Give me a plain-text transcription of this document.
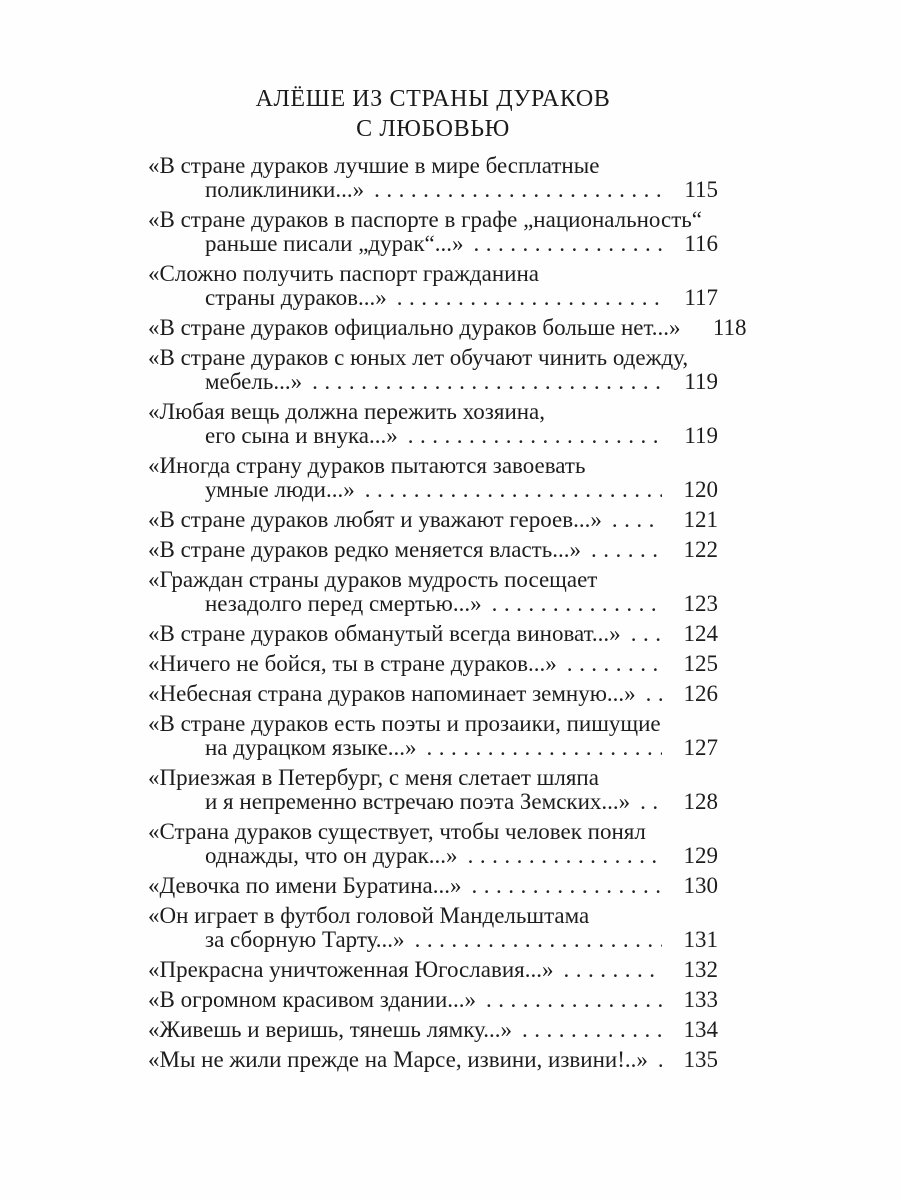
АЛЁШЕ ИЗ СТРАНЫ ДУРАКОВ
С ЛЮБОВЬЮ
«В стране дураков лучшие в мире бесплатные
поликлиники...» .....	115
«В стране дураков в паспорте в графе „национальность“
раньше писали „дурак“...» .....	116
«Сложно получить паспорт гражданина
страны дураков...» .....	117
«В стране дураков официально дураков больше нет...» 118
«В стране дураков с юных лет обучают чинить одежду,
мебель...» .....	119
«Любая вещь должна пережить хозяина,
его сына и внука...» .....	119
«Иногда страну дураков пытаются завоевать
умные люди...» .....	120
«В стране дураков любят и уважают героев...» .....	121
«В стране дураков редко меняется власть...» .....	122
«Граждан страны дураков мудрость посещает
незадолго перед смертью...» .....	123
«В стране дураков обманутый всегда виноват...» .....	124
«Ничего не бойся, ты в стране дураков...» .....	125
«Небесная страна дураков напоминает земную...» ..... 126
«В стране дураков есть поэты и прозаики, пишущие
на дурацком языке...» .....	127
«Приезжая в Петербург, с меня слетает шляпа
и я непременно встречаю поэта Земских...» ..... 128
«Страна дураков существует, чтобы человек понял
однажды, что он дурак...» .....	129
«Девочка по имени Буратина...» .....	130
«Он играет в футбол головой Мандельштама
за сборную Тарту...» .....	131
«Прекрасна уничтоженная Югославия...» .....	132
«В огромном красивом здании...» .....	133
«Живешь и веришь, тянешь лямку...» .....	134
«Мы не жили прежде на Марсе, извини, извини!..» ..... 135
